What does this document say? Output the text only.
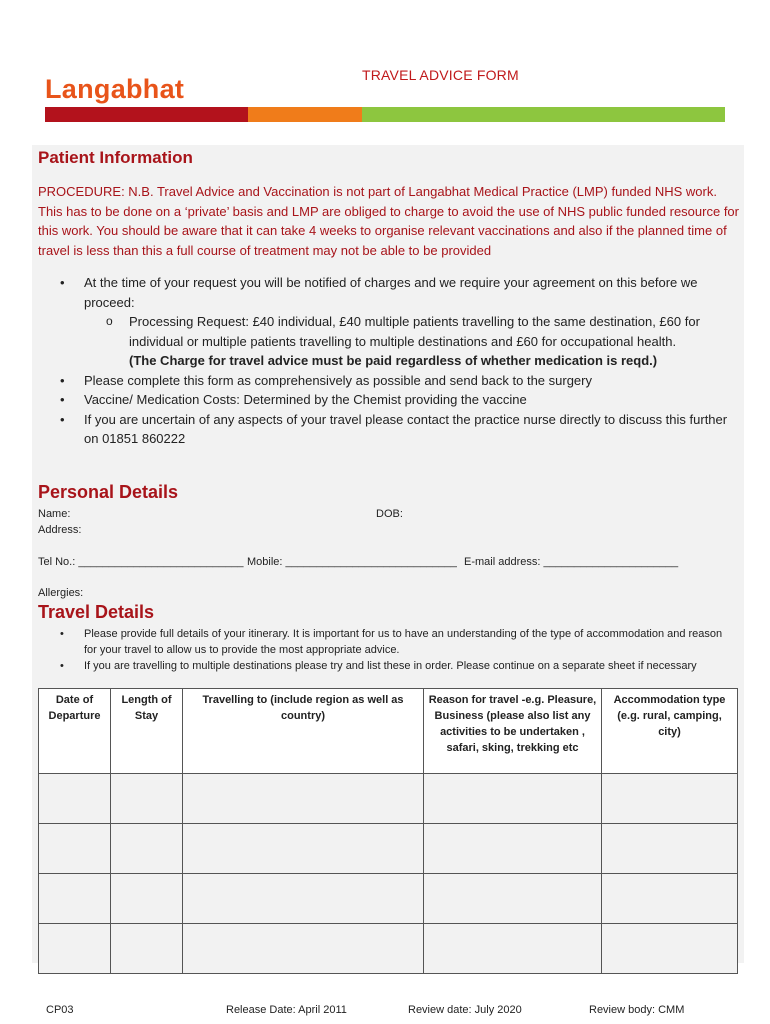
Langabhat	TRAVEL ADVICE FORM
Patient Information
PROCEDURE: N.B. Travel Advice and Vaccination is not part of Langabhat Medical Practice (LMP) funded NHS work. This has to be done on a ‘private’ basis and LMP are obliged to charge to avoid the use of NHS public funded resource for this work. You should be aware that it can take 4 weeks to organise relevant vaccinations and also if the planned time of travel is less than this a full course of treatment may not be able to be provided
• At the time of your request you will be notified of charges and we require your agreement on this before we proceed:
o Processing Request: £40 individual, £40 multiple patients travelling to the same destination, £60 for individual or multiple patients travelling to multiple destinations and £60 for occupational health.
(The Charge for travel advice must be paid regardless of whether medication is reqd.)
• Please complete this form as comprehensively as possible and send back to the surgery
• Vaccine/ Medication Costs: Determined by the Chemist providing the vaccine
• If you are uncertain of any aspects of your travel please contact the practice nurse directly to discuss this further on 01851 860222
Personal Details
Name:	DOB:
Address:
Tel No.: ___________________________ Mobile: ____________________________ E-mail address: ______________________
Allergies:
Travel Details
• Please provide full details of your itinerary. It is important for us to have an understanding of the type of accommodation and reason for your travel to allow us to provide the most appropriate advice.
• If you are travelling to multiple destinations please try and list these in order. Please continue on a separate sheet if necessary
Date of Departure	Length of Stay	Travelling to (include region as well as country)	Reason for travel -e.g. Pleasure, Business (please also list any activities to be undertaken , safari, sking, trekking etc	Accommodation type (e.g. rural, camping, city)

CP03	Release Date: April 2011	Review date: July 2020	Review body: CMM
